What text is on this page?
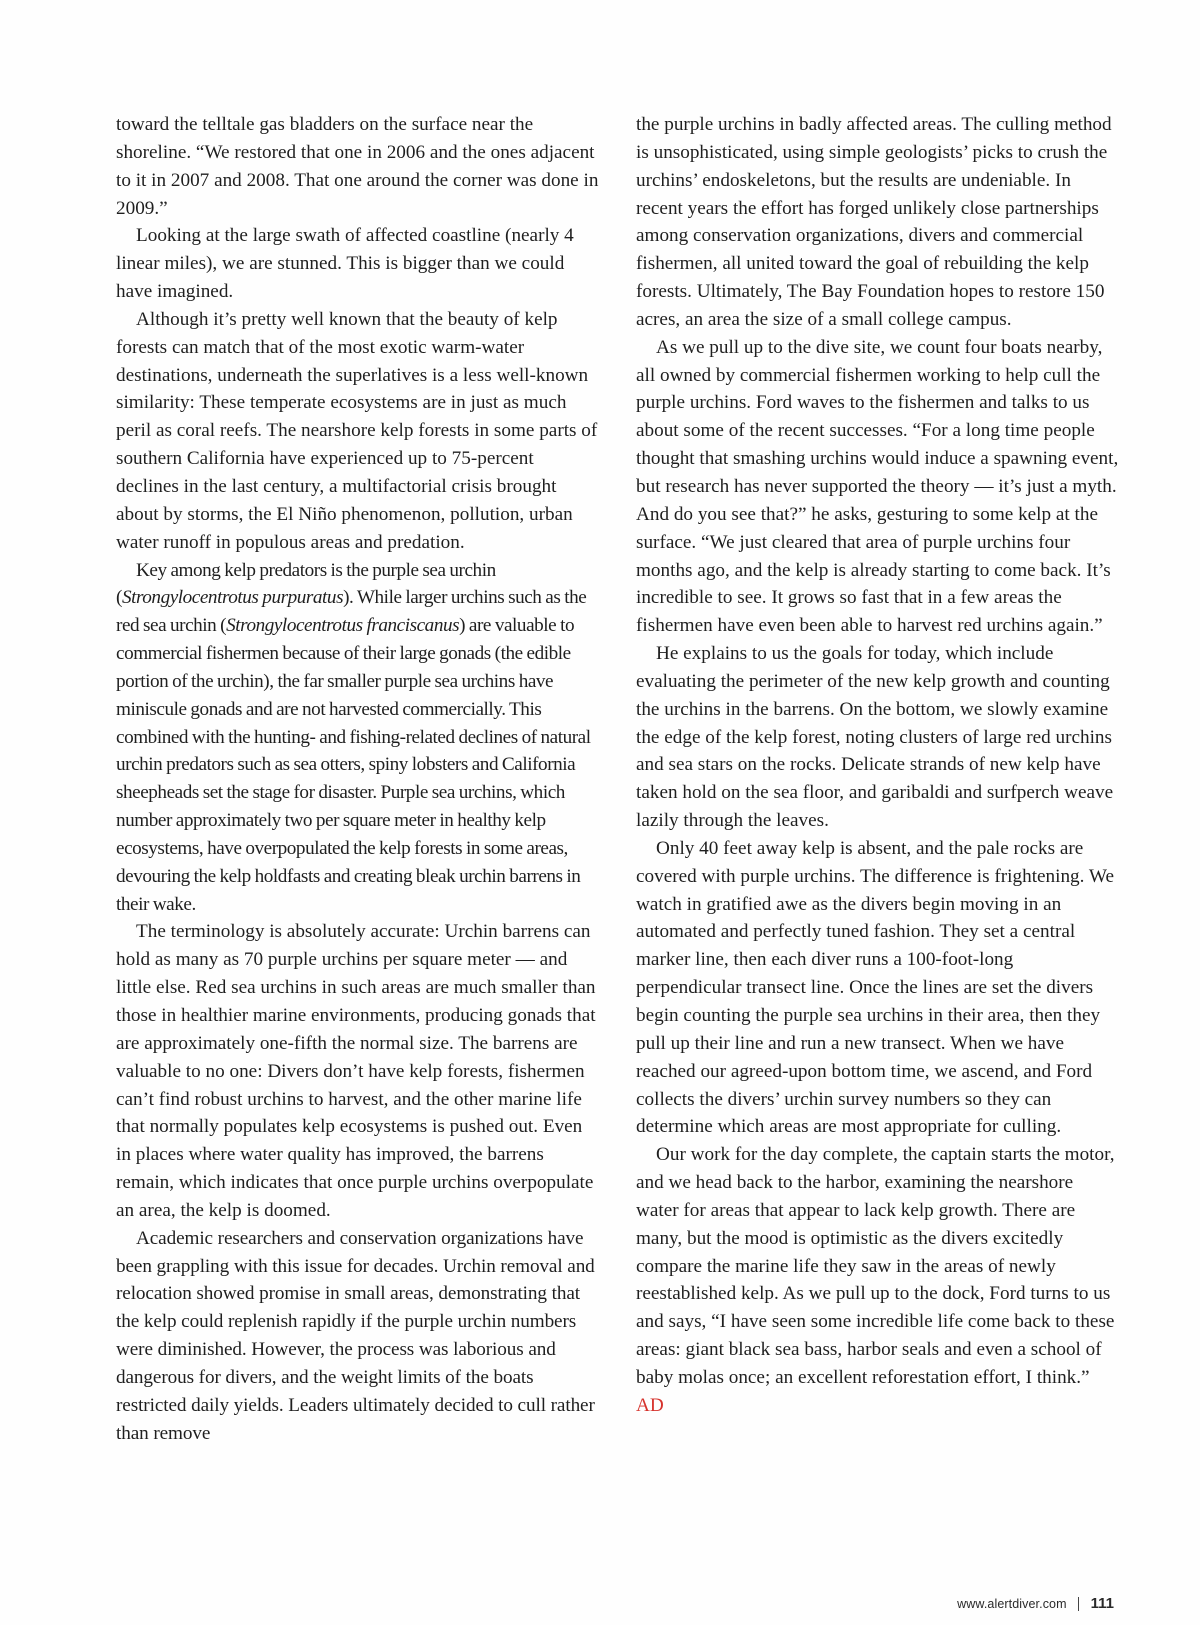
toward the telltale gas bladders on the surface near the shoreline. “We restored that one in 2006 and the ones adjacent to it in 2007 and 2008. That one around the corner was done in 2009.”

Looking at the large swath of affected coastline (nearly 4 linear miles), we are stunned. This is bigger than we could have imagined.

Although it’s pretty well known that the beauty of kelp forests can match that of the most exotic warm-water destinations, underneath the superlatives is a less well-known similarity: These temperate ecosystems are in just as much peril as coral reefs. The nearshore kelp forests in some parts of southern California have experienced up to 75-percent declines in the last century, a multifactorial crisis brought about by storms, the El Niño phenomenon, pollution, urban water runoff in populous areas and predation.

Key among kelp predators is the purple sea urchin (Strongylocentrotus purpuratus). While larger urchins such as the red sea urchin (Strongylocentrotus franciscanus) are valuable to commercial fishermen because of their large gonads (the edible portion of the urchin), the far smaller purple sea urchins have miniscule gonads and are not harvested commercially. This combined with the hunting- and fishing-related declines of natural urchin predators such as sea otters, spiny lobsters and California sheepheads set the stage for disaster. Purple sea urchins, which number approximately two per square meter in healthy kelp ecosystems, have overpopulated the kelp forests in some areas, devouring the kelp holdfasts and creating bleak urchin barrens in their wake.

The terminology is absolutely accurate: Urchin barrens can hold as many as 70 purple urchins per square meter — and little else. Red sea urchins in such areas are much smaller than those in healthier marine environments, producing gonads that are approximately one-fifth the normal size. The barrens are valuable to no one: Divers don’t have kelp forests, fishermen can’t find robust urchins to harvest, and the other marine life that normally populates kelp ecosystems is pushed out. Even in places where water quality has improved, the barrens remain, which indicates that once purple urchins overpopulate an area, the kelp is doomed.

Academic researchers and conservation organizations have been grappling with this issue for decades. Urchin removal and relocation showed promise in small areas, demonstrating that the kelp could replenish rapidly if the purple urchin numbers were diminished. However, the process was laborious and dangerous for divers, and the weight limits of the boats restricted daily yields. Leaders ultimately decided to cull rather than remove

the purple urchins in badly affected areas. The culling method is unsophisticated, using simple geologists’ picks to crush the urchins’ endoskeletons, but the results are undeniable. In recent years the effort has forged unlikely close partnerships among conservation organizations, divers and commercial fishermen, all united toward the goal of rebuilding the kelp forests. Ultimately, The Bay Foundation hopes to restore 150 acres, an area the size of a small college campus.

As we pull up to the dive site, we count four boats nearby, all owned by commercial fishermen working to help cull the purple urchins. Ford waves to the fishermen and talks to us about some of the recent successes. “For a long time people thought that smashing urchins would induce a spawning event, but research has never supported the theory — it’s just a myth. And do you see that?” he asks, gesturing to some kelp at the surface. “We just cleared that area of purple urchins four months ago, and the kelp is already starting to come back. It’s incredible to see. It grows so fast that in a few areas the fishermen have even been able to harvest red urchins again.”

He explains to us the goals for today, which include evaluating the perimeter of the new kelp growth and counting the urchins in the barrens. On the bottom, we slowly examine the edge of the kelp forest, noting clusters of large red urchins and sea stars on the rocks. Delicate strands of new kelp have taken hold on the sea floor, and garibaldi and surfperch weave lazily through the leaves.

Only 40 feet away kelp is absent, and the pale rocks are covered with purple urchins. The difference is frightening. We watch in gratified awe as the divers begin moving in an automated and perfectly tuned fashion. They set a central marker line, then each diver runs a 100-foot-long perpendicular transect line. Once the lines are set the divers begin counting the purple sea urchins in their area, then they pull up their line and run a new transect. When we have reached our agreed-upon bottom time, we ascend, and Ford collects the divers’ urchin survey numbers so they can determine which areas are most appropriate for culling.

Our work for the day complete, the captain starts the motor, and we head back to the harbor, examining the nearshore water for areas that appear to lack kelp growth. There are many, but the mood is optimistic as the divers excitedly compare the marine life they saw in the areas of newly reestablished kelp. As we pull up to the dock, Ford turns to us and says, “I have seen some incredible life come back to these areas: giant black sea bass, harbor seals and even a school of baby molas once; an excellent reforestation effort, I think.” AD

www.alertdiver.com 111
